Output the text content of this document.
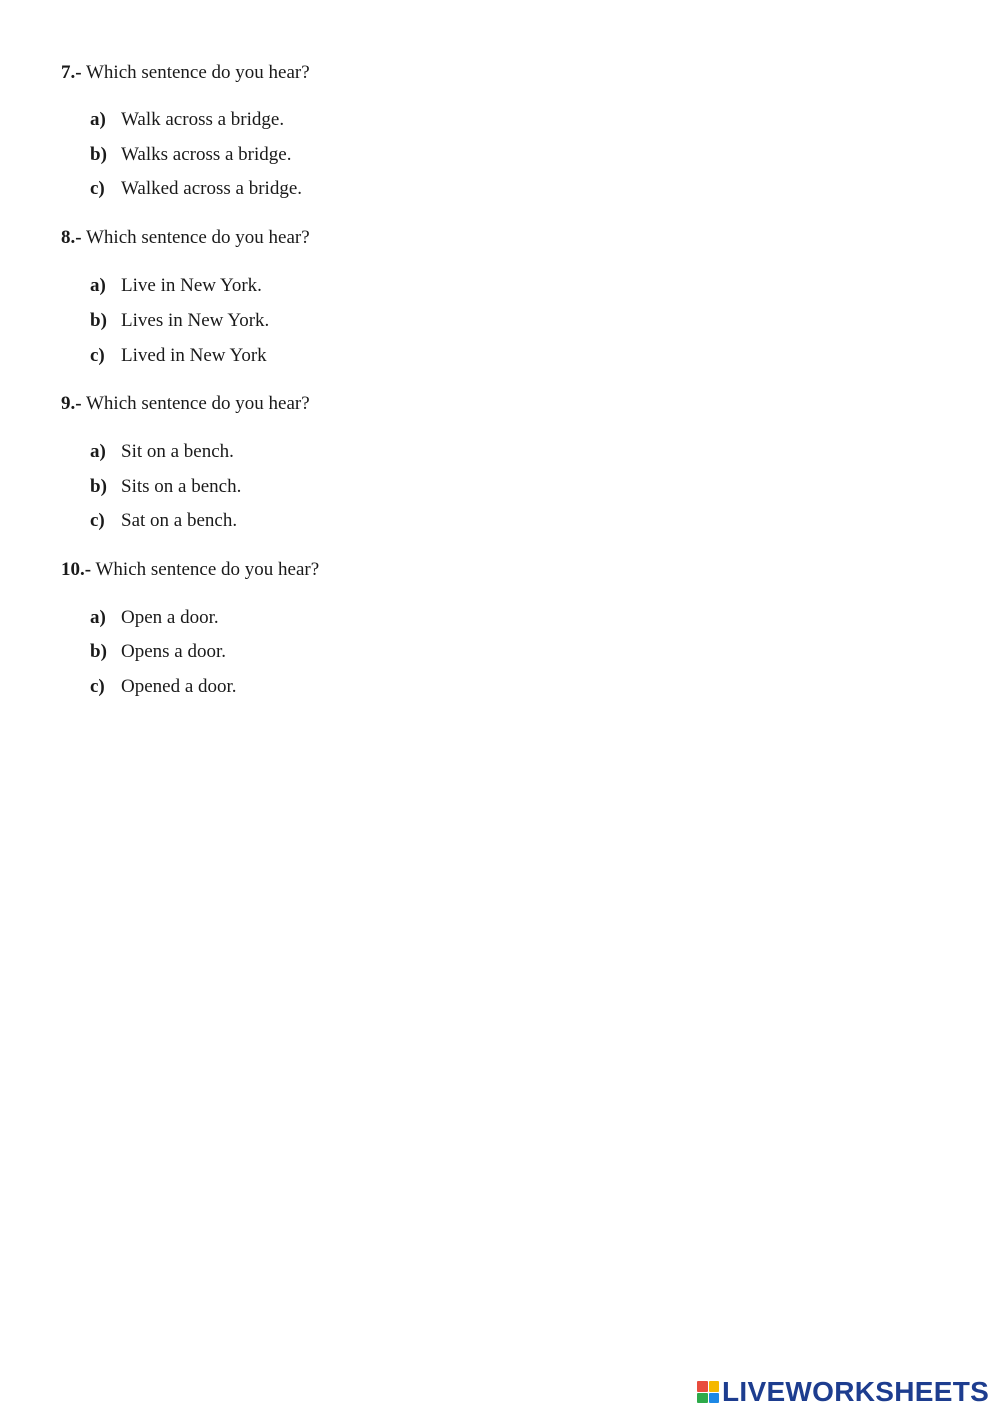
7.- Which sentence do you hear?
a) Walk across a bridge.
b) Walks across a bridge.
c) Walked across a bridge.
8.- Which sentence do you hear?
a) Live in New York.
b) Lives in New York.
c) Lived in New York
9.- Which sentence do you hear?
a) Sit on a bench.
b) Sits on a bench.
c) Sat on a bench.
10.- Which sentence do you hear?
a) Open a door.
b) Opens a door.
c) Opened a door.
LIVEWORKSHEETS
